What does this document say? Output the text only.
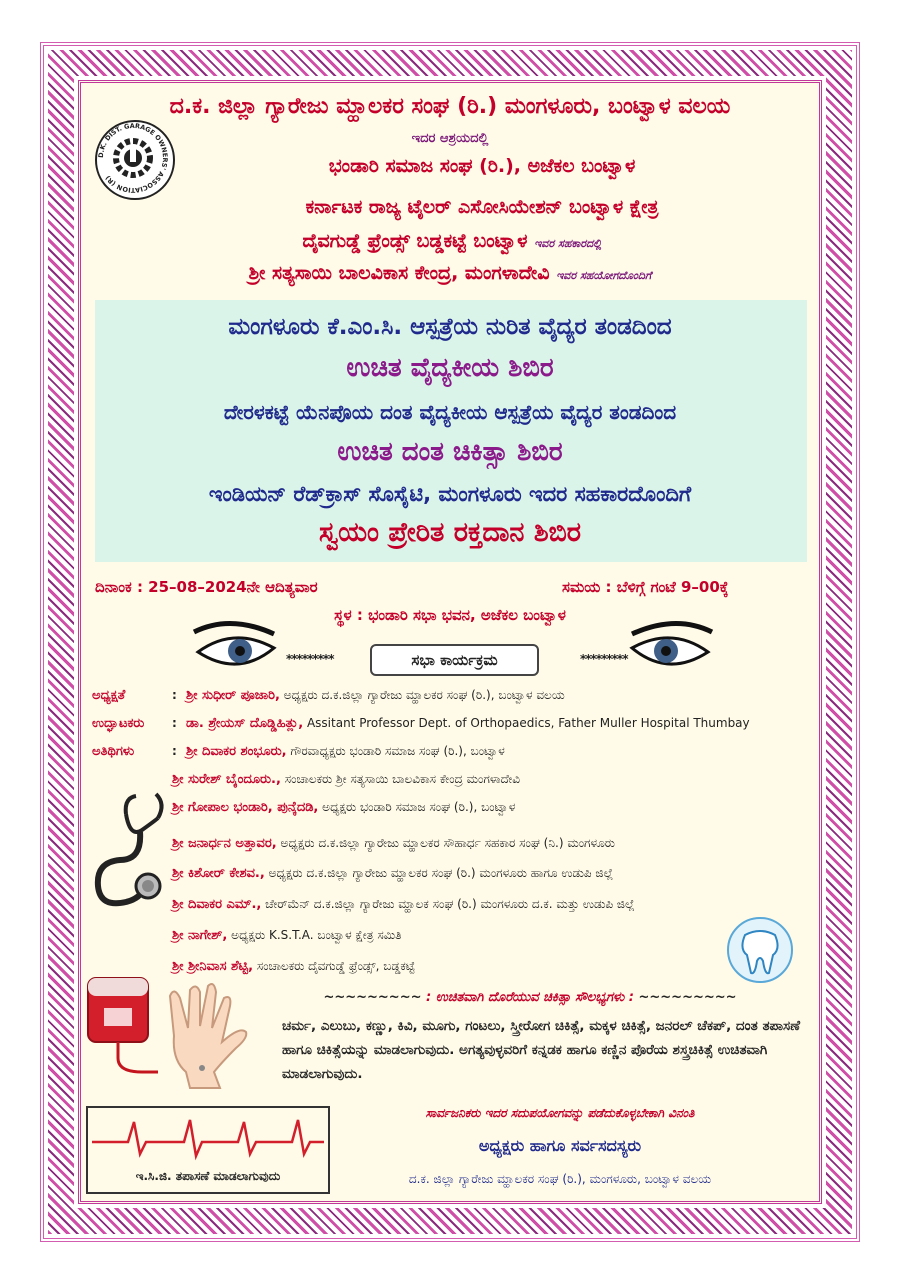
ದ.ಕ. ಜಿಲ್ಲಾ ಗ್ಯಾರೇಜು ಮ್ಹಾಲಕರ ಸಂಘ (ರಿ.) ಮಂಗಳೂರು, ಬಂಟ್ವಾಳ ವಲಯ
ಇದರ ಆಶ್ರಯದಲ್ಲಿ
D.K. DIST. GARAGE OWNERS' ASSOCIATION (R)
ಭಂಡಾರಿ ಸಮಾಜ ಸಂಘ (ರಿ.), ಅಜೆಕಲ ಬಂಟ್ವಾಳ
ಕರ್ನಾಟಕ ರಾಜ್ಯ ಟೈಲರ್ ಎಸೋಸಿಯೇಶನ್ ಬಂಟ್ವಾಳ ಕ್ಷೇತ್ರ
ದೈವಗುಡ್ಡೆ ಫ್ರೆಂಡ್ಸ್ ಬಡ್ಡಕಟ್ಟೆ ಬಂಟ್ವಾಳ ಇವರ ಸಹಕಾರದಲ್ಲಿ
ಶ್ರೀ ಸತ್ಯಸಾಯಿ ಬಾಲವಿಕಾಸ ಕೇಂದ್ರ, ಮಂಗಳಾದೇವಿ ಇವರ ಸಹಯೋಗದೊಂದಿಗೆ
ಮಂಗಳೂರು ಕೆ.ಎಂ.ಸಿ. ಆಸ್ಪತ್ರೆಯ ನುರಿತ ವೈದ್ಯರ ತಂಡದಿಂದ
ಉಚಿತ ವೈದ್ಯಕೀಯ ಶಿಬಿರ
ದೇರಳಕಟ್ಟೆ ಯೆನಪೊಯ ದಂತ ವೈದ್ಯಕೀಯ ಆಸ್ಪತ್ರೆಯ ವೈದ್ಯರ ತಂಡದಿಂದ
ಉಚಿತ ದಂತ ಚಿಕಿತ್ಸಾ ಶಿಬಿರ
ಇಂಡಿಯನ್ ರೆಡ್‌ಕ್ರಾಸ್ ಸೊಸೈಟಿ, ಮಂಗಳೂರು ಇದರ ಸಹಕಾರದೊಂದಿಗೆ
ಸ್ವಯಂ ಪ್ರೇರಿತ ರಕ್ತದಾನ ಶಿಬಿರ
ದಿನಾಂಕ : 25–08–2024ನೇ ಆದಿತ್ಯವಾರ	ಸಮಯ : ಬೆಳಿಗ್ಗೆ ಗಂಟೆ 9–00ಕ್ಕೆ
ಸ್ಥಳ : ಭಂಡಾರಿ ಸಭಾ ಭವನ, ಅಜೆಕಲ ಬಂಟ್ವಾಳ
*********	ಸಭಾ ಕಾರ್ಯಕ್ರಮ	*********
ಅಧ್ಯಕ್ಷತೆ	: ಶ್ರೀ ಸುಧೀರ್ ಪೂಜಾರಿ, ಅಧ್ಯಕ್ಷರು ದ.ಕ.ಜಿಲ್ಲಾ ಗ್ಯಾರೇಜು ಮ್ಹಾಲಕರ ಸಂಘ (ರಿ.), ಬಂಟ್ವಾಳ ವಲಯ
ಉದ್ಘಾಟಕರು : ಡಾ. ಶ್ರೇಯಸ್ ದೊಡ್ಡಿಹಿತ್ಲು, Assitant Professor Dept. of Orthopaedics, Father Muller Hospital Thumbay
ಅತಿಥಿಗಳು	: ಶ್ರೀ ದಿವಾಕರ ಶಂಭೂರು, ಗೌರವಾಧ್ಯಕ್ಷರು ಭಂಡಾರಿ ಸಮಾಜ ಸಂಘ (ರಿ.), ಬಂಟ್ವಾಳ
ಶ್ರೀ ಸುರೇಶ್ ಬೈಂದೂರು., ಸಂಚಾಲಕರು ಶ್ರೀ ಸತ್ಯಸಾಯಿ ಬಾಲವಿಕಾಸ ಕೇಂದ್ರ ಮಂಗಳಾದೇವಿ
ಶ್ರೀ ಗೋಪಾಲ ಭಂಡಾರಿ, ಪುನ್ಕೆದಡಿ, ಅಧ್ಯಕ್ಷರು ಭಂಡಾರಿ ಸಮಾಜ ಸಂಘ (ರಿ.), ಬಂಟ್ವಾಳ
ಶ್ರೀ ಜನಾರ್ಧನ ಅತ್ತಾವರ, ಅಧ್ಯಕ್ಷರು ದ.ಕ.ಜಿಲ್ಲಾ ಗ್ಯಾರೇಜು ಮ್ಹಾಲಕರ ಸೌಹಾರ್ಧ ಸಹಕಾರ ಸಂಘ (ನಿ.) ಮಂಗಳೂರು
ಶ್ರೀ ಕಿಶೋರ್ ಕೇಶವ., ಅಧ್ಯಕ್ಷರು ದ.ಕ.ಜಿಲ್ಲಾ ಗ್ಯಾರೇಜು ಮ್ಹಾಲಕರ ಸಂಘ (ರಿ.) ಮಂಗಳೂರು ಹಾಗೂ ಉಡುಪಿ ಜಿಲ್ಲೆ
ಶ್ರೀ ದಿವಾಕರ ಎಮ್., ಚೇರ್‌ಮೆನ್ ದ.ಕ.ಜಿಲ್ಲಾ ಗ್ಯಾರೇಜು ಮ್ಹಾಲಕ ಸಂಘ (ರಿ.) ಮಂಗಳೂರು ದ.ಕ. ಮತ್ತು ಉಡುಪಿ ಜಿಲ್ಲೆ
ಶ್ರೀ ನಾಗೇಶ್, ಅಧ್ಯಕ್ಷರು K.S.T.A. ಬಂಟ್ವಾಳ ಕ್ಷೇತ್ರ ಸಮಿತಿ
ಶ್ರೀ ಶ್ರೀನಿವಾಸ ಶೆಟ್ಟಿ, ಸಂಚಾಲಕರು ದೈವಗುಡ್ಡೆ ಫ್ರೆಂಡ್ಸ್, ಬಡ್ಡಕಟ್ಟೆ
~~~~~~~~~ : ಉಚಿತವಾಗಿ ದೊರೆಯುವ ಚಿಕಿತ್ಸಾ ಸೌಲಭ್ಯಗಳು : ~~~~~~~~~
ಚರ್ಮ, ಎಲುಬು, ಕಣ್ಣು, ಕಿವಿ, ಮೂಗು, ಗಂಟಲು, ಸ್ತ್ರೀರೋಗ ಚಿಕಿತ್ಸೆ, ಮಕ್ಕಳ ಚಿಕಿತ್ಸೆ, ಜನರಲ್ ಚೆಕಪ್, ದಂತ ತಪಾಸಣೆ ಹಾಗೂ ಚಿಕಿತ್ಸೆಯನ್ನು ಮಾಡಲಾಗುವುದು. ಅಗತ್ಯವುಳ್ಳವರಿಗೆ ಕನ್ನಡಕ ಹಾಗೂ ಕಣ್ಣಿನ ಪೊರೆಯ ಶಸ್ತ್ರಚಿಕಿತ್ಸೆ ಉಚಿತವಾಗಿ ಮಾಡಲಾಗುವುದು.
ಇ.ಸಿ.ಜಿ. ತಪಾಸಣೆ ಮಾಡಲಾಗುವುದು
ಸಾರ್ವಜನಿಕರು ಇದರ ಸದುಪಯೋಗವನ್ನು ಪಡೆದುಕೊಳ್ಳಬೇಕಾಗಿ ವಿನಂತಿ
ಅಧ್ಯಕ್ಷರು ಹಾಗೂ ಸರ್ವಸದಸ್ಯರು
ದ.ಕ. ಜಿಲ್ಲಾ ಗ್ಯಾರೇಜು ಮ್ಹಾಲಕರ ಸಂಘ (ರಿ.), ಮಂಗಳೂರು, ಬಂಟ್ವಾಳ ವಲಯ
